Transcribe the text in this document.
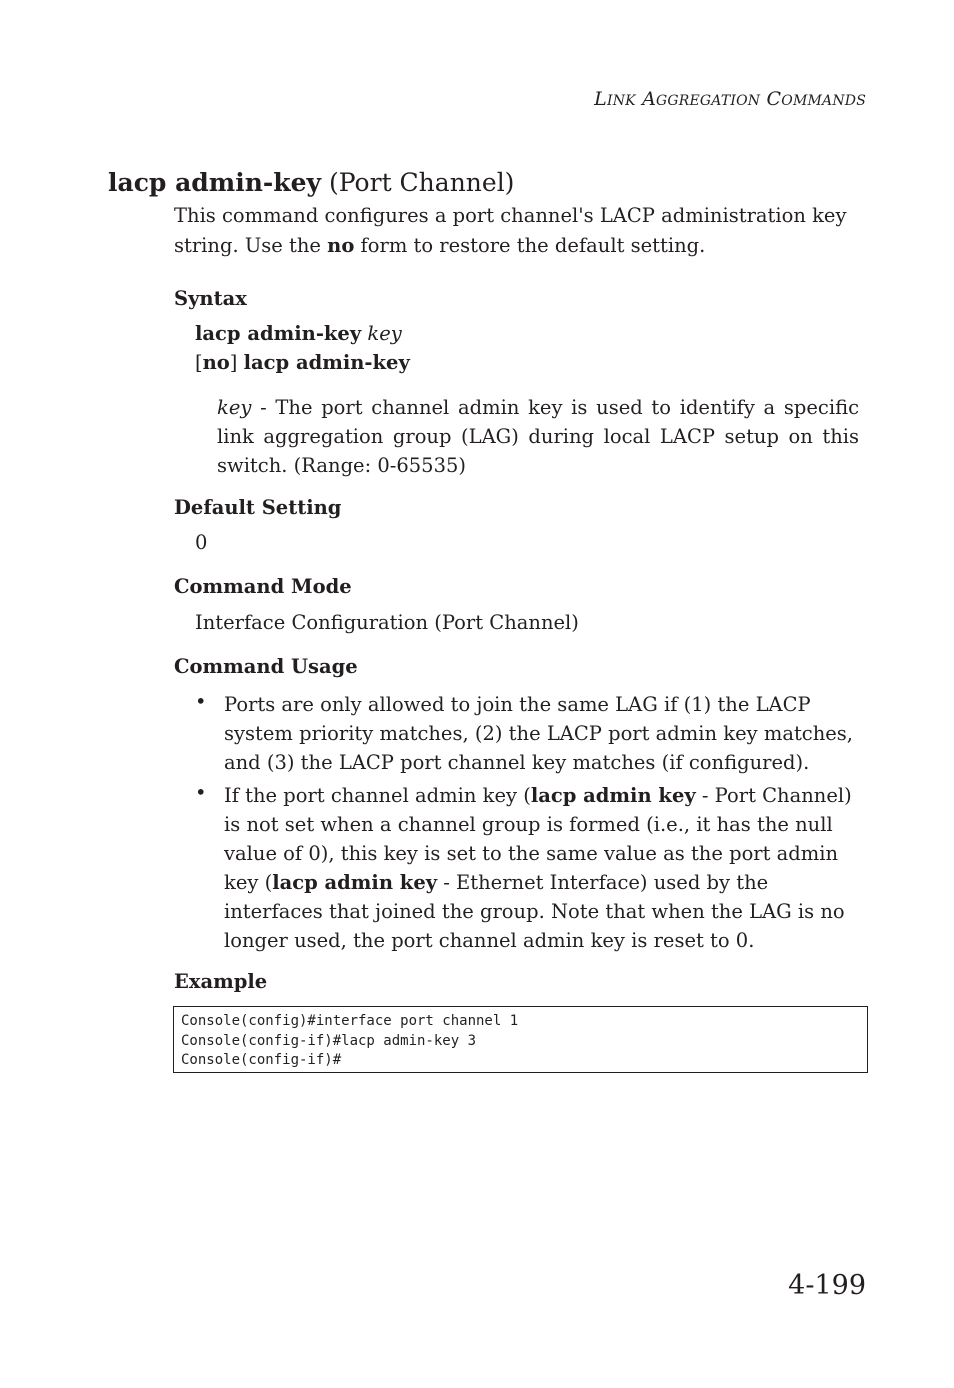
LINK AGGREGATION COMMANDS
lacp admin-key (Port Channel)
This command configures a port channel's LACP administration key string. Use the no form to restore the default setting.
Syntax
lacp admin-key key
[no] lacp admin-key
key - The port channel admin key is used to identify a specific link aggregation group (LAG) during local LACP setup on this switch. (Range: 0-65535)
Default Setting
0
Command Mode
Interface Configuration (Port Channel)
Command Usage
• Ports are only allowed to join the same LAG if (1) the LACP system priority matches, (2) the LACP port admin key matches, and (3) the LACP port channel key matches (if configured).
• If the port channel admin key (lacp admin key - Port Channel) is not set when a channel group is formed (i.e., it has the null value of 0), this key is set to the same value as the port admin key (lacp admin key - Ethernet Interface) used by the interfaces that joined the group. Note that when the LAG is no longer used, the port channel admin key is reset to 0.
Example
Console(config)#interface port channel 1
Console(config-if)#lacp admin-key 3
Console(config-if)#
4-199
